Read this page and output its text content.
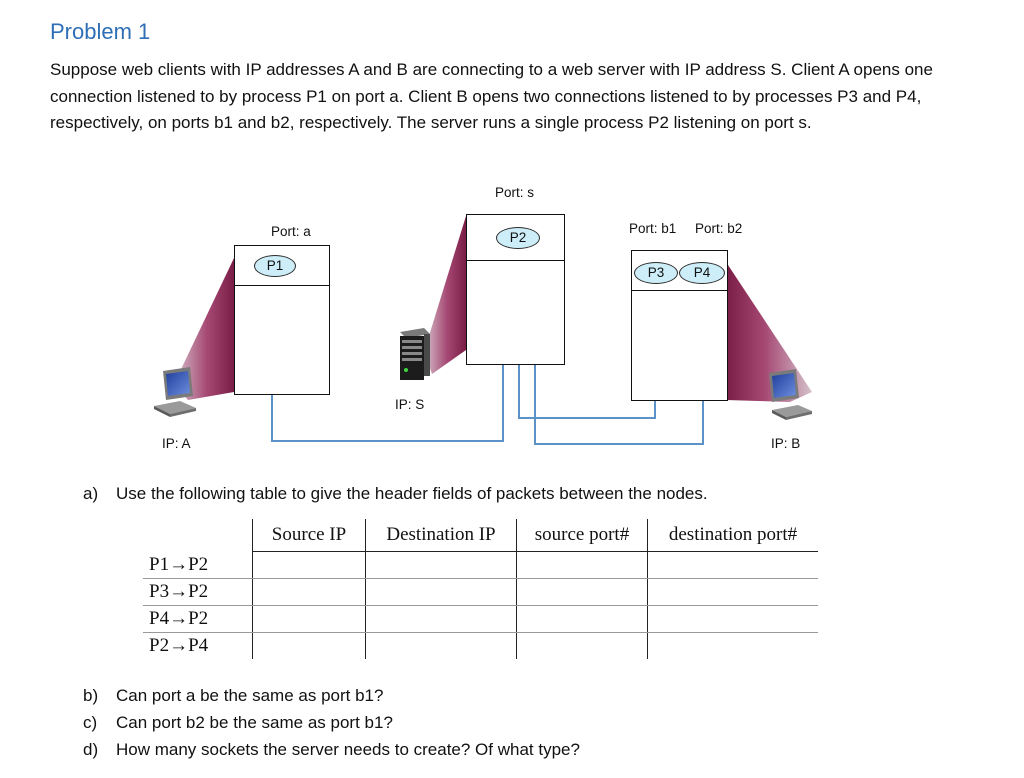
Problem 1

Suppose web clients with IP addresses A and B are connecting to a web server with IP address S. Client A opens one connection listened to by process P1 on port a. Client B opens two connections listened to by processes P3 and P4, respectively, on ports b1 and b2, respectively. The server runs a single process P2 listening on port s.

P1
P2
P3	P4
Port: a
Port: s
Port: b1 Port: b2
IP: S
IP: A	IP: B

a) Use the following table to give the header fields of packets between the nodes.

	Source IP	Destination IP	source port#	destination port#
P1→P2				
P3→P2				
P4→P2				
P2→P4				

b) Can port a be the same as port b1?

c) Can port b2 be the same as port b1?

d) How many sockets the server needs to create? Of what type?
